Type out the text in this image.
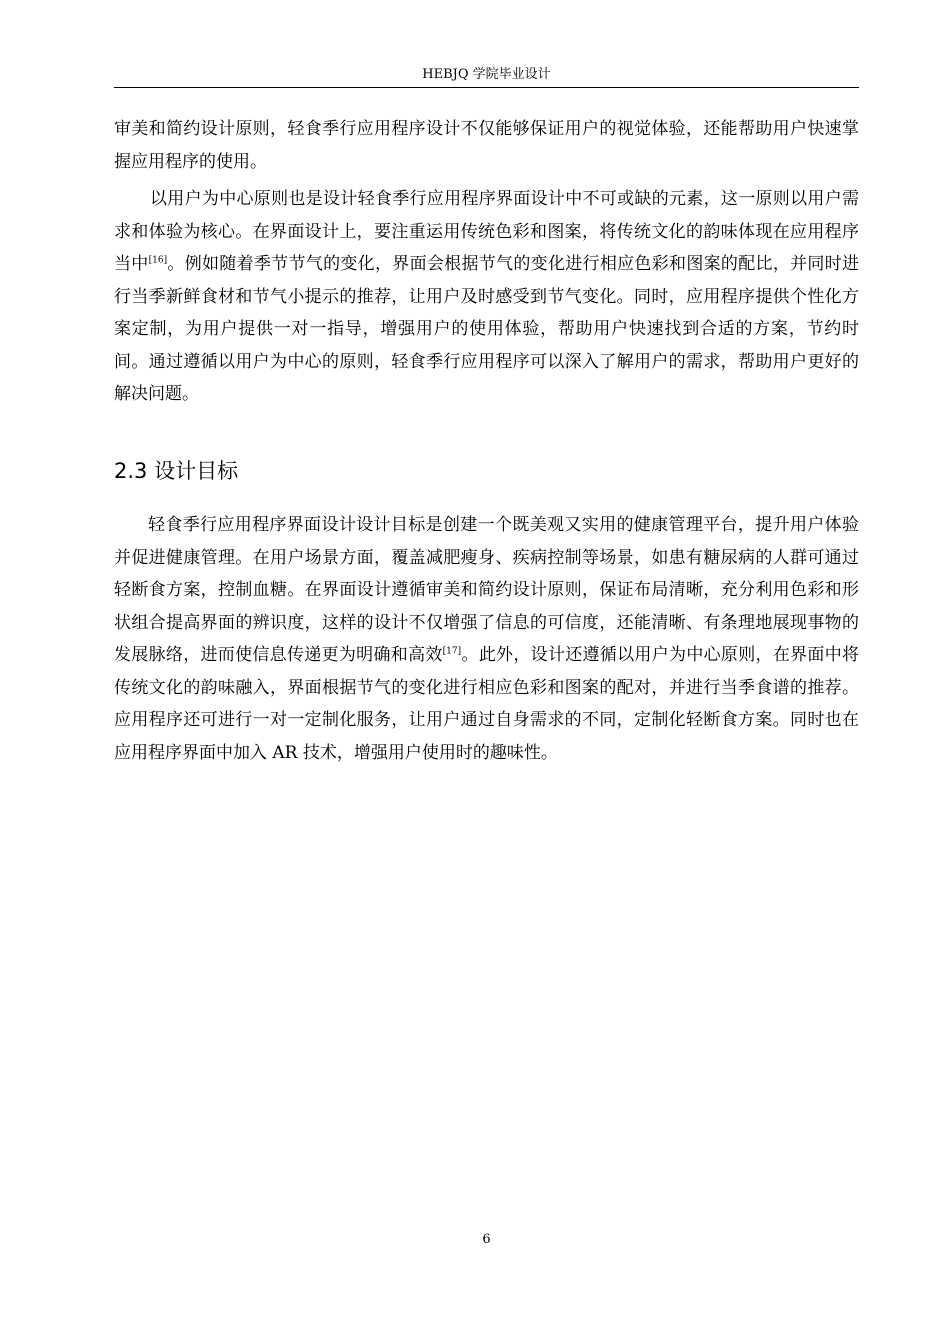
HEBJQ 学院毕业设计

审美和简约设计原则，轻食季行应用程序设计不仅能够保证用户的视觉体验，还能帮助用户快速掌握应用程序的使用。

以用户为中心原则也是设计轻食季行应用程序界面设计中不可或缺的元素，这一原则以用户需求和体验为核心。在界面设计上，要注重运用传统色彩和图案，将传统文化的韵味体现在应用程序当中[16]。例如随着季节节气的变化，界面会根据节气的变化进行相应色彩和图案的配比，并同时进行当季新鲜食材和节气小提示的推荐，让用户及时感受到节气变化。同时，应用程序提供个性化方案定制，为用户提供一对一指导，增强用户的使用体验，帮助用户快速找到合适的方案，节约时间。通过遵循以用户为中心的原则，轻食季行应用程序可以深入了解用户的需求，帮助用户更好的解决问题。

2.3 设计目标

轻食季行应用程序界面设计设计目标是创建一个既美观又实用的健康管理平台，提升用户体验并促进健康管理。在用户场景方面，覆盖减肥瘦身、疾病控制等场景，如患有糖尿病的人群可通过轻断食方案，控制血糖。在界面设计遵循审美和简约设计原则，保证布局清晰，充分利用色彩和形状组合提高界面的辨识度，这样的设计不仅增强了信息的可信度，还能清晰、有条理地展现事物的发展脉络，进而使信息传递更为明确和高效[17]。此外，设计还遵循以用户为中心原则，在界面中将传统文化的韵味融入，界面根据节气的变化进行相应色彩和图案的配对，并进行当季食谱的推荐。应用程序还可进行一对一定制化服务，让用户通过自身需求的不同，定制化轻断食方案。同时也在应用程序界面中加入 AR 技术，增强用户使用时的趣味性。

6
